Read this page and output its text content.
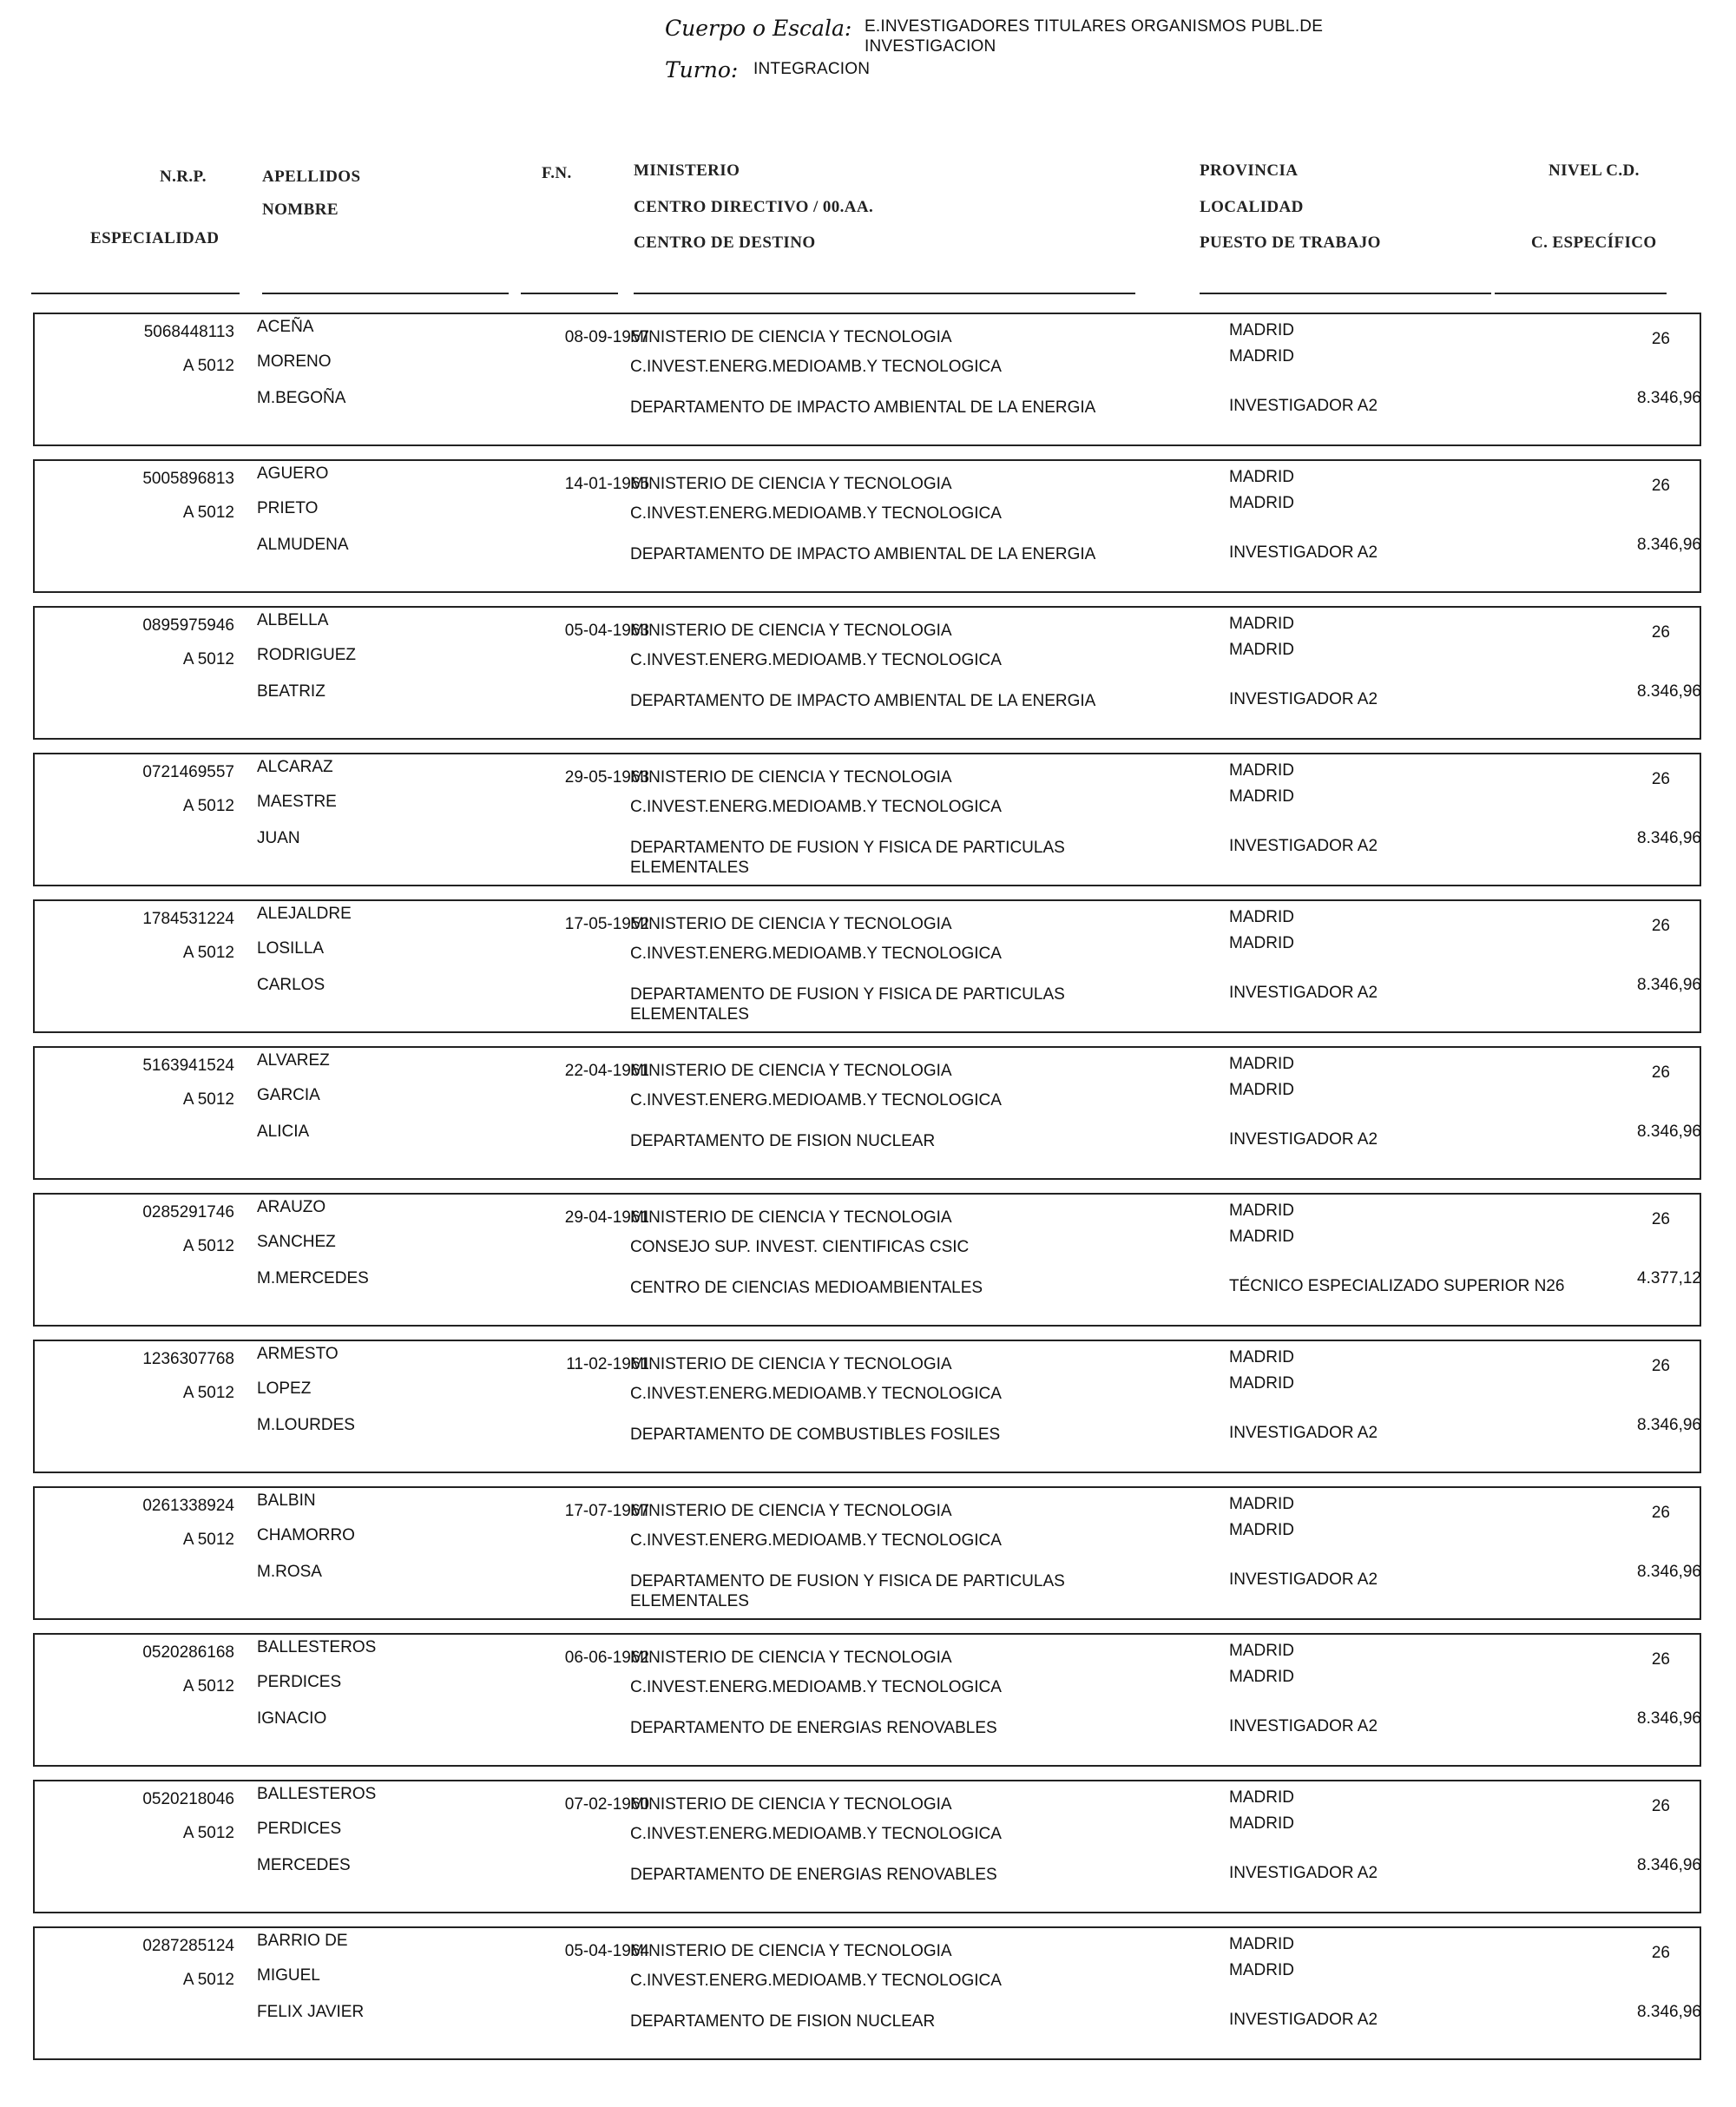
Cuerpo o Escala: E.INVESTIGADORES TITULARES ORGANISMOS PUBL.DE
INVESTIGACION
Turno: INTEGRACION
N.R.P.
ESPECIALIDAD
APELLIDOS
NOMBRE
F.N.	MINISTERIO
CENTRO DIRECTIVO / 00.AA.
CENTRO DE DESTINO
PROVINCIA
LOCALIDAD
PUESTO DE TRABAJO
NIVEL C.D.
C. ESPECÍFICO
5068448113
A 5012
ACEÑA
MORENO
M.BEGOÑA
08-09-1957
MINISTERIO DE CIENCIA Y TECNOLOGIA
C.INVEST.ENERG.MEDIOAMB.Y TECNOLOGICA
DEPARTAMENTO DE IMPACTO AMBIENTAL DE LA ENERGIA
MADRID
MADRID
INVESTIGADOR A2
26
8.346,96
5005896813
A 5012
AGUERO
PRIETO
ALMUDENA
14-01-1965
MINISTERIO DE CIENCIA Y TECNOLOGIA
C.INVEST.ENERG.MEDIOAMB.Y TECNOLOGICA
DEPARTAMENTO DE IMPACTO AMBIENTAL DE LA ENERGIA
MADRID
MADRID
INVESTIGADOR A2
26
8.346,96
0895975946
A 5012
ALBELLA
RODRIGUEZ
BEATRIZ
05-04-1963
MINISTERIO DE CIENCIA Y TECNOLOGIA
C.INVEST.ENERG.MEDIOAMB.Y TECNOLOGICA
DEPARTAMENTO DE IMPACTO AMBIENTAL DE LA ENERGIA
MADRID
MADRID
INVESTIGADOR A2
26
8.346,96
0721469557
A 5012
ALCARAZ
MAESTRE
JUAN
29-05-1963
MINISTERIO DE CIENCIA Y TECNOLOGIA
C.INVEST.ENERG.MEDIOAMB.Y TECNOLOGICA
DEPARTAMENTO DE FUSION Y FISICA DE PARTICULAS ELEMENTALES
MADRID
MADRID
INVESTIGADOR A2
26
8.346,96
1784531224
A 5012
ALEJALDRE
LOSILLA
CARLOS
17-05-1952
MINISTERIO DE CIENCIA Y TECNOLOGIA
C.INVEST.ENERG.MEDIOAMB.Y TECNOLOGICA
DEPARTAMENTO DE FUSION Y FISICA DE PARTICULAS ELEMENTALES
MADRID
MADRID
INVESTIGADOR A2
26
8.346,96
5163941524
A 5012
ALVAREZ
GARCIA
ALICIA
22-04-1961
MINISTERIO DE CIENCIA Y TECNOLOGIA
C.INVEST.ENERG.MEDIOAMB.Y TECNOLOGICA
DEPARTAMENTO DE FISION NUCLEAR
MADRID
MADRID
INVESTIGADOR A2
26
8.346,96
0285291746
A 5012
ARAUZO
SANCHEZ
M.MERCEDES
29-04-1961
MINISTERIO DE CIENCIA Y TECNOLOGIA
CONSEJO SUP. INVEST. CIENTIFICAS CSIC
CENTRO DE CIENCIAS MEDIOAMBIENTALES
MADRID
MADRID
TÉCNICO ESPECIALIZADO SUPERIOR N26
26
4.377,12
1236307768
A 5012
ARMESTO
LOPEZ
M.LOURDES
11-02-1961
MINISTERIO DE CIENCIA Y TECNOLOGIA
C.INVEST.ENERG.MEDIOAMB.Y TECNOLOGICA
DEPARTAMENTO DE COMBUSTIBLES FOSILES
MADRID
MADRID
INVESTIGADOR A2
26
8.346,96
0261338924
A 5012
BALBIN
CHAMORRO
M.ROSA
17-07-1967
MINISTERIO DE CIENCIA Y TECNOLOGIA
C.INVEST.ENERG.MEDIOAMB.Y TECNOLOGICA
DEPARTAMENTO DE FUSION Y FISICA DE PARTICULAS ELEMENTALES
MADRID
MADRID
INVESTIGADOR A2
26
8.346,96
0520286168
A 5012
BALLESTEROS
PERDICES
IGNACIO
06-06-1962
MINISTERIO DE CIENCIA Y TECNOLOGIA
C.INVEST.ENERG.MEDIOAMB.Y TECNOLOGICA
DEPARTAMENTO DE ENERGIAS RENOVABLES
MADRID
MADRID
INVESTIGADOR A2
26
8.346,96
0520218046
A 5012
BALLESTEROS
PERDICES
MERCEDES
07-02-1960
MINISTERIO DE CIENCIA Y TECNOLOGIA
C.INVEST.ENERG.MEDIOAMB.Y TECNOLOGICA
DEPARTAMENTO DE ENERGIAS RENOVABLES
MADRID
MADRID
INVESTIGADOR A2
26
8.346,96
0287285124
A 5012
BARRIO DE
MIGUEL
FELIX JAVIER
05-04-1964
MINISTERIO DE CIENCIA Y TECNOLOGIA
C.INVEST.ENERG.MEDIOAMB.Y TECNOLOGICA
DEPARTAMENTO DE FISION NUCLEAR
MADRID
MADRID
INVESTIGADOR A2
26
8.346,96
